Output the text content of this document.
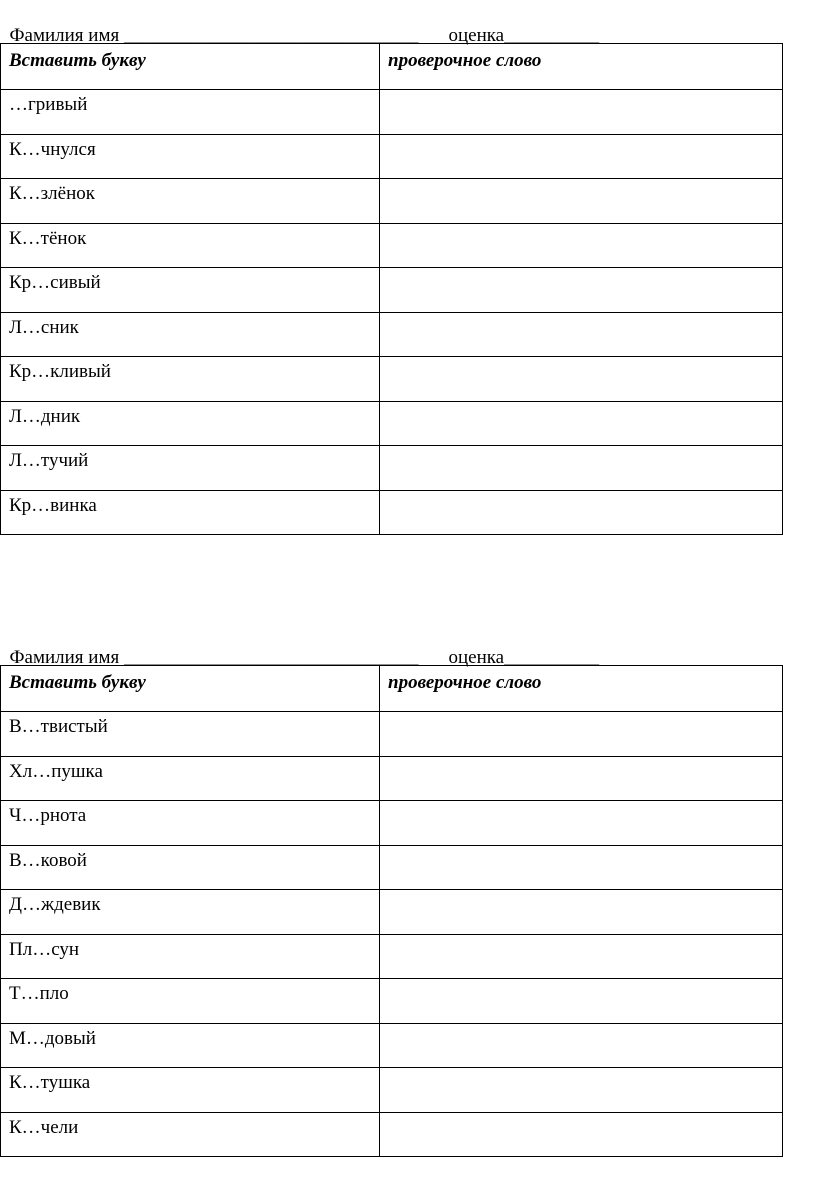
Фамилия имя _______________________________ оценка__________

Вставить букву	проверочное слово
…гривый	
К…чнулся	
К…злёнок	
К…тёнок	
Кр…сивый	
Л…сник	
Кр…кливый	
Л…дник	
Л…тучий	
Кр…винка	

Фамилия имя _______________________________ оценка__________

Вставить букву	проверочное слово
В…твистый	
Хл…пушка	
Ч…рнота	
В…ковой	
Д…ждевик	
Пл…сун	
Т…пло	
М…довый	
К…тушка	
К…чели	
